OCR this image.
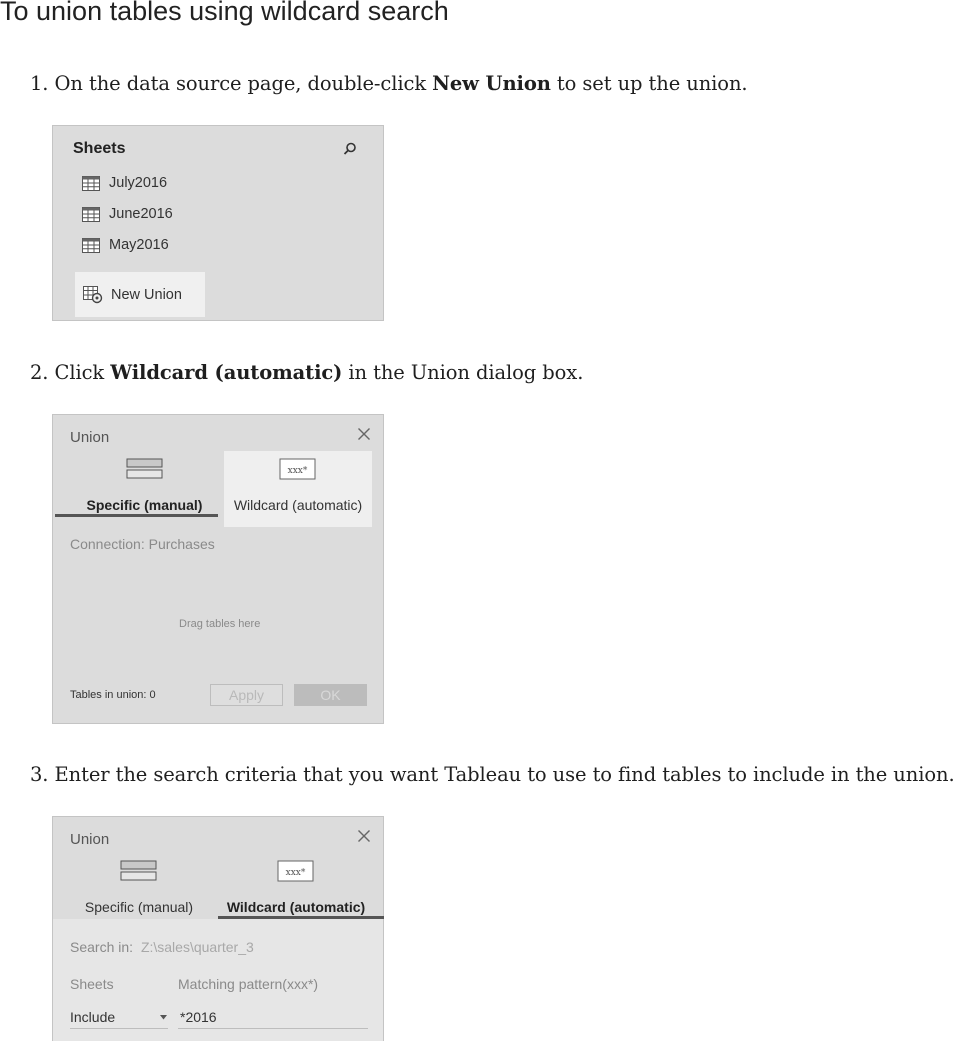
To union tables using wildcard search
1. On the data source page, double-click New Union to set up the union.
Sheets
July2016
June2016
May2016
New Union
2. Click Wildcard (automatic) in the Union dialog box.
Union
Specific (manual)
xxx*
Wildcard (automatic)
Connection: Purchases
Drag tables here
Tables in union: 0	Apply	OK
3. Enter the search criteria that you want Tableau to use to find tables to include in the union.
Union
Specific (manual)
xxx*
Wildcard (automatic)
Search in: Z:\sales\quarter_3
Sheets	Matching pattern(xxx*)
Include	*2016
